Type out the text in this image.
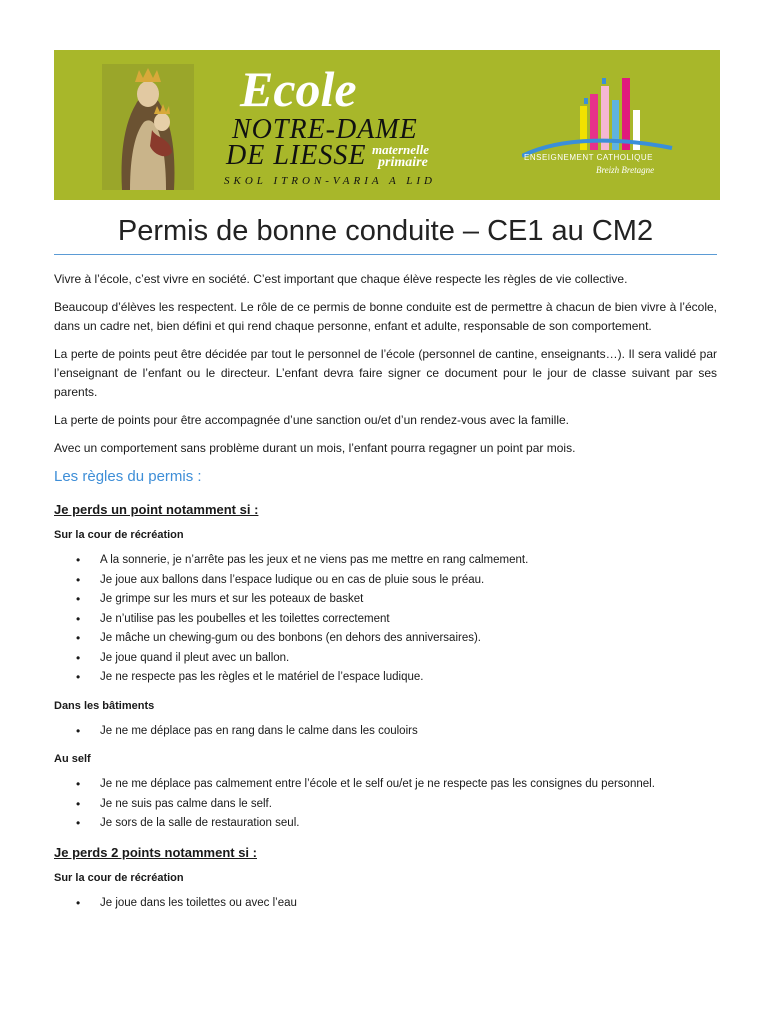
Ecole
NOTRE-DAME
DE LIESSE maternelle
primaire
SKOL ITRON-VARIA A LID
ENSEIGNEMENT CATHOLIQUE
Breizh Bretagne
Permis de bonne conduite – CE1 au CM2

Vivre à l’école, c’est vivre en société. C’est important que chaque élève respecte les règles de vie collective.

Beaucoup d’élèves les respectent. Le rôle de ce permis de bonne conduite est de permettre à chacun de bien vivre à l’école, dans un cadre net, bien défini et qui rend chaque personne, enfant et adulte, responsable de son comportement.

La perte de points peut être décidée par tout le personnel de l’école (personnel de cantine, enseignants…). Il sera validé par l’enseignant de l’enfant ou le directeur. L’enfant devra faire signer ce document pour le jour de classe suivant par ses parents.

La perte de points pour être accompagnée d’une sanction ou/et d’un rendez-vous avec la famille.

Avec un comportement sans problème durant un mois, l’enfant pourra regagner un point par mois.

Les règles du permis :
Je perds un point notamment si :
Sur la cour de récréation
• A la sonnerie, je n’arrête pas les jeux et ne viens pas me mettre en rang calmement.
• Je joue aux ballons dans l’espace ludique ou en cas de pluie sous le préau.
• Je grimpe sur les murs et sur les poteaux de basket
• Je n’utilise pas les poubelles et les toilettes correctement
• Je mâche un chewing-gum ou des bonbons (en dehors des anniversaires).
• Je joue quand il pleut avec un ballon.
• Je ne respecte pas les règles et le matériel de l’espace ludique.
Dans les bâtiments
• Je ne me déplace pas en rang dans le calme dans les couloirs
Au self
• Je ne me déplace pas calmement entre l’école et le self ou/et je ne respecte pas les consignes du personnel.
• Je ne suis pas calme dans le self.
• Je sors de la salle de restauration seul.
Je perds 2 points notamment si :
Sur la cour de récréation
• Je joue dans les toilettes ou avec l’eau
